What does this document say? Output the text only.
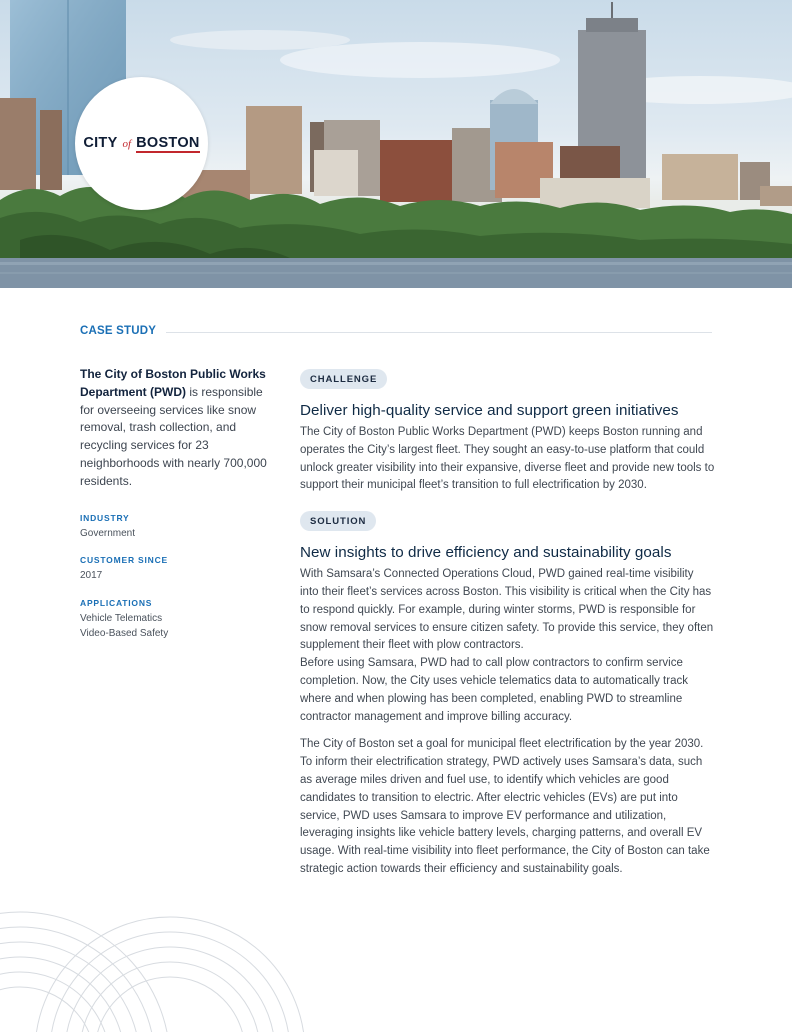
CITY of BOSTON
CASE STUDY

The City of Boston Public Works Department (PWD) is responsible for overseeing services like snow removal, trash collection, and recycling services for 23 neighborhoods with nearly 700,000 residents.

INDUSTRY
Government
CUSTOMER SINCE
2017
APPLICATIONS
Vehicle Telematics
Video-Based Safety
CHALLENGE
Deliver high-quality service and support green initiatives

The City of Boston Public Works Department (PWD) keeps Boston running and operates the City’s largest fleet. They sought an easy-to-use platform that could unlock greater visibility into their expansive, diverse fleet and provide new tools to support their municipal fleet’s transition to full electrification by 2030.

SOLUTION
New insights to drive efficiency and sustainability goals

With Samsara’s Connected Operations Cloud, PWD gained real-time visibility into their fleet’s services across Boston. This visibility is critical when the City has to respond quickly. For example, during winter storms, PWD is responsible for snow removal services to ensure citizen safety. To provide this service, they often supplement their fleet with plow contractors.

Before using Samsara, PWD had to call plow contractors to confirm service completion. Now, the City uses vehicle telematics data to automatically track where and when plowing has been completed, enabling PWD to streamline contractor management and improve billing accuracy.

The City of Boston set a goal for municipal fleet electrification by the year 2030. To inform their electrification strategy, PWD actively uses Samsara’s data, such as average miles driven and fuel use, to identify which vehicles are good candidates to transition to electric. After electric vehicles (EVs) are put into service, PWD uses Samsara to improve EV performance and utilization, leveraging insights like vehicle battery levels, charging patterns, and overall EV usage. With real-time visibility into fleet performance, the City of Boston can take strategic action towards their efficiency and sustainability goals.
